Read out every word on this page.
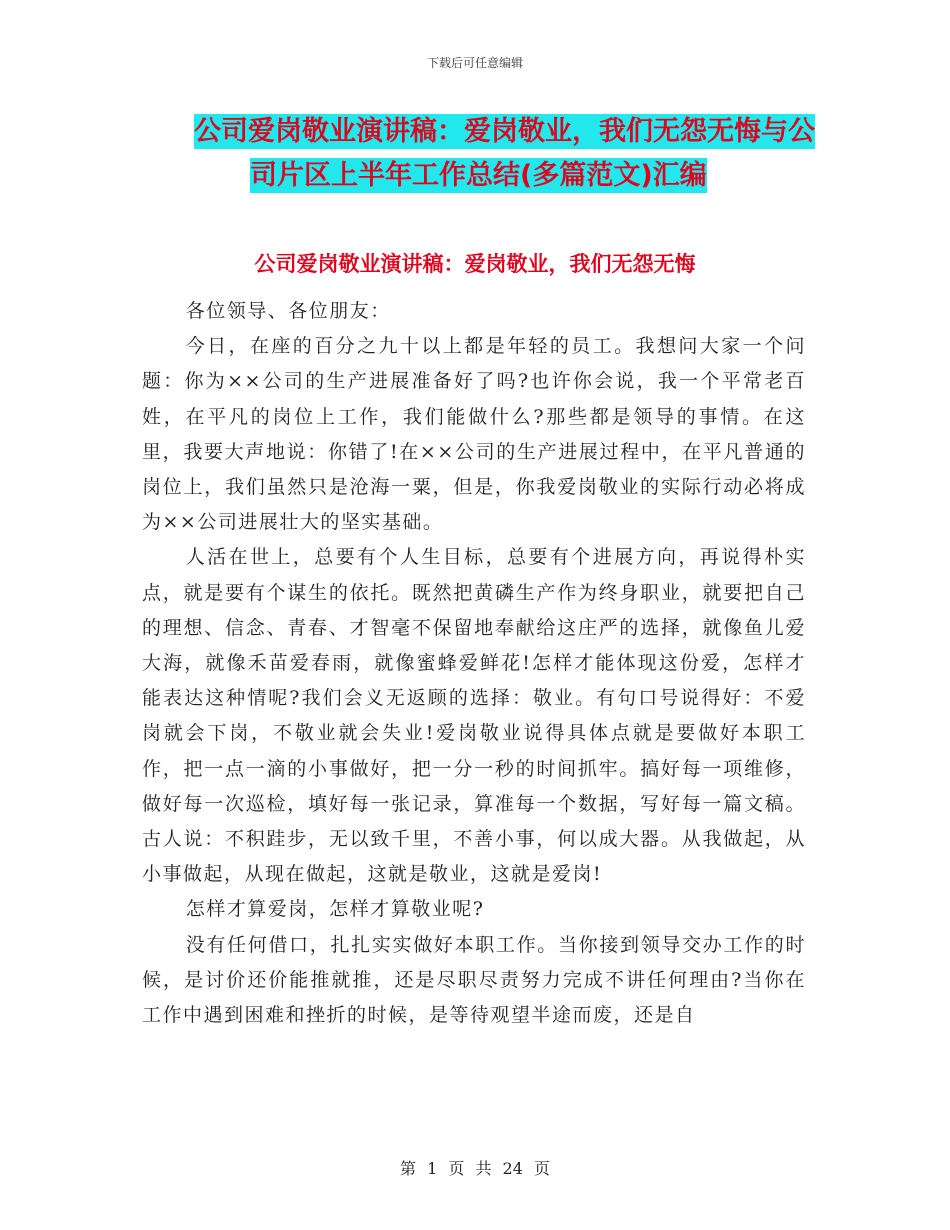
下载后可任意编辑
公司爱岗敬业演讲稿：爱岗敬业，我们无怨无悔与公
司片区上半年工作总结(多篇范文)汇编
公司爱岗敬业演讲稿：爱岗敬业，我们无怨无悔

各位领导、各位朋友：

今日，在座的百分之九十以上都是年轻的员工。我想问大家一个问题：你为××公司的生产进展准备好了吗?也许你会说，我一个平常老百姓，在平凡的岗位上工作，我们能做什么?那些都是领导的事情。在这里，我要大声地说：你错了!在××公司的生产进展过程中，在平凡普通的岗位上，我们虽然只是沧海一粟，但是，你我爱岗敬业的实际行动必将成为××公司进展壮大的坚实基础。

人活在世上，总要有个人生目标，总要有个进展方向，再说得朴实点，就是要有个谋生的依托。既然把黄磷生产作为终身职业，就要把自己的理想、信念、青春、才智毫不保留地奉献给这庄严的选择，就像鱼儿爱大海，就像禾苗爱春雨，就像蜜蜂爱鲜花!怎样才能体现这份爱，怎样才能表达这种情呢?我们会义无返顾的选择：敬业。有句口号说得好：不爱岗就会下岗，不敬业就会失业!爱岗敬业说得具体点就是要做好本职工作，把一点一滴的小事做好，把一分一秒的时间抓牢。搞好每一项维修，做好每一次巡检，填好每一张记录，算准每一个数据，写好每一篇文稿。古人说：不积跬步，无以致千里，不善小事，何以成大器。从我做起，从小事做起，从现在做起，这就是敬业，这就是爱岗!

怎样才算爱岗，怎样才算敬业呢?

没有任何借口，扎扎实实做好本职工作。当你接到领导交办工作的时候，是讨价还价能推就推，还是尽职尽责努力完成不讲任何理由?当你在工作中遇到困难和挫折的时候，是等待观望半途而废，还是自

第 1 页 共 24 页
